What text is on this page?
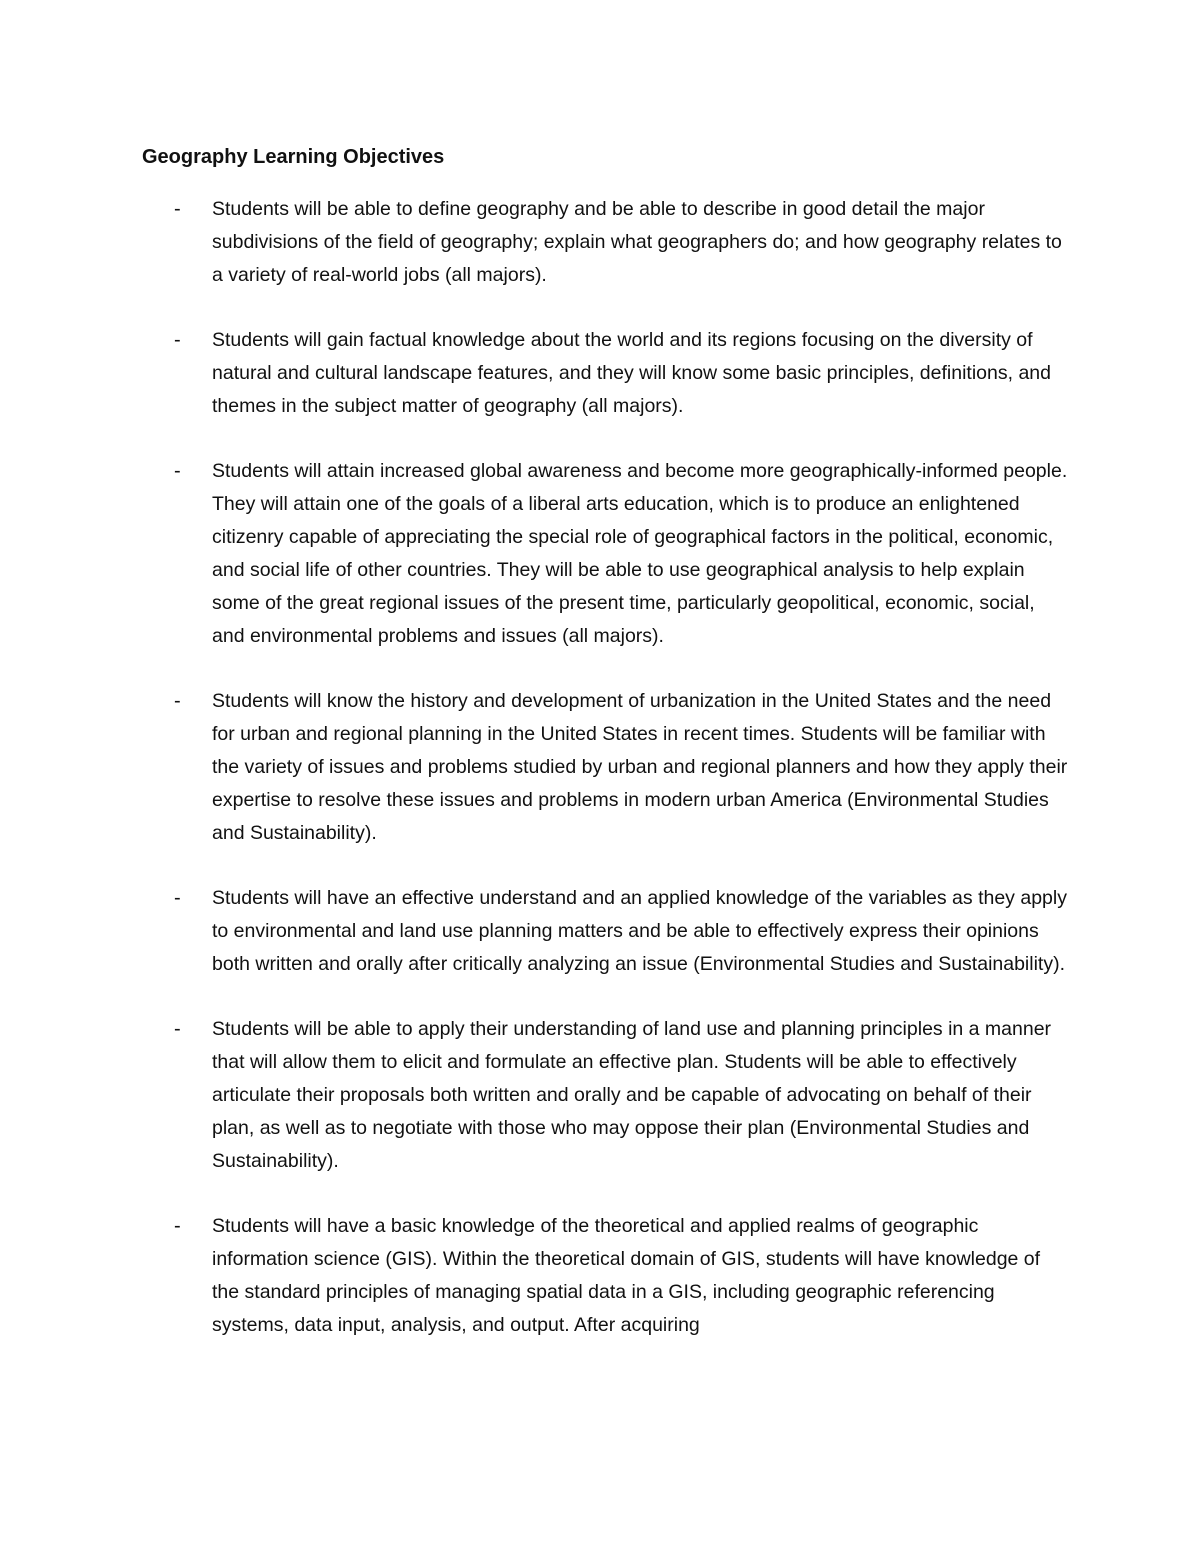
Geography Learning Objectives
- Students will be able to define geography and be able to describe in good detail the major subdivisions of the field of geography; explain what geographers do; and how geography relates to a variety of real-world jobs (all majors).
- Students will gain factual knowledge about the world and its regions focusing on the diversity of natural and cultural landscape features, and they will know some basic principles, definitions, and themes in the subject matter of geography (all majors).
- Students will attain increased global awareness and become more geographically-informed people. They will attain one of the goals of a liberal arts education, which is to produce an enlightened citizenry capable of appreciating the special role of geographical factors in the political, economic, and social life of other countries. They will be able to use geographical analysis to help explain some of the great regional issues of the present time, particularly geopolitical, economic, social, and environmental problems and issues (all majors).
- Students will know the history and development of urbanization in the United States and the need for urban and regional planning in the United States in recent times. Students will be familiar with the variety of issues and problems studied by urban and regional planners and how they apply their expertise to resolve these issues and problems in modern urban America (Environmental Studies and Sustainability).
- Students will have an effective understand and an applied knowledge of the variables as they apply to environmental and land use planning matters and be able to effectively express their opinions both written and orally after critically analyzing an issue (Environmental Studies and Sustainability).
- Students will be able to apply their understanding of land use and planning principles in a manner that will allow them to elicit and formulate an effective plan. Students will be able to effectively articulate their proposals both written and orally and be capable of advocating on behalf of their plan, as well as to negotiate with those who may oppose their plan (Environmental Studies and Sustainability).
- Students will have a basic knowledge of the theoretical and applied realms of geographic information science (GIS). Within the theoretical domain of GIS, students will have knowledge of the standard principles of managing spatial data in a GIS, including geographic referencing systems, data input, analysis, and output. After acquiring
